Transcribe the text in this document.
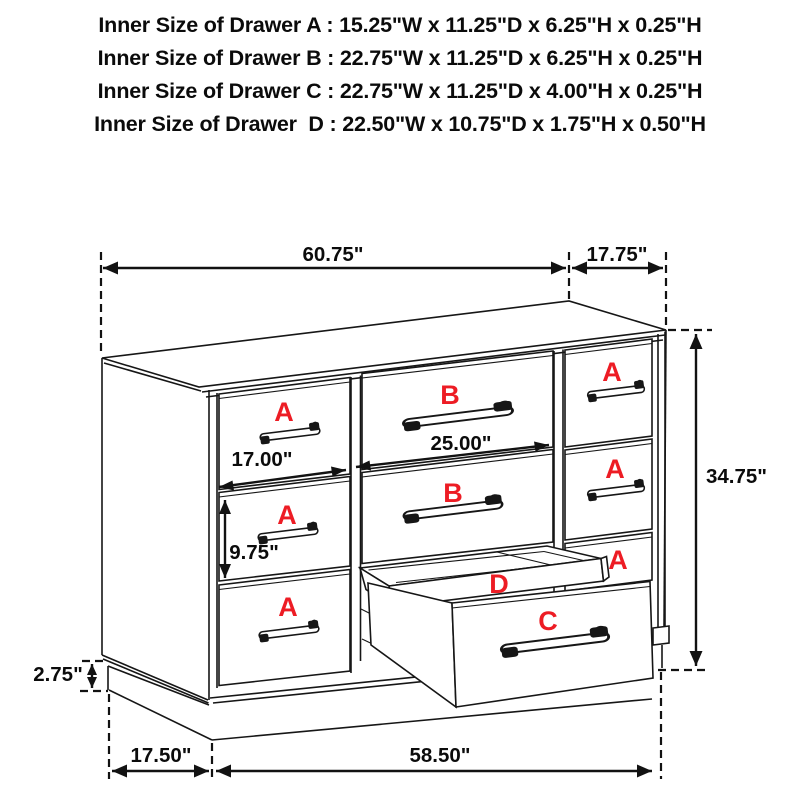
Inner Size of Drawer A : 15.25"W x 11.25"D x 6.25"H x 0.25"H
Inner Size of Drawer B : 22.75"W x 11.25"D x 6.25"H x 0.25"H
Inner Size of Drawer C : 22.75"W x 11.25"D x 4.00"H x 0.25"H
Inner Size of Drawer  D : 22.50"W x 10.75"D x 1.75"H x 0.50"H
60.75"	17.75"
34.75"
17.00"
25.00"
9.75"
2.75"
17.50"	58.50"
A
A
A
A
A
A
B
B
C
D
